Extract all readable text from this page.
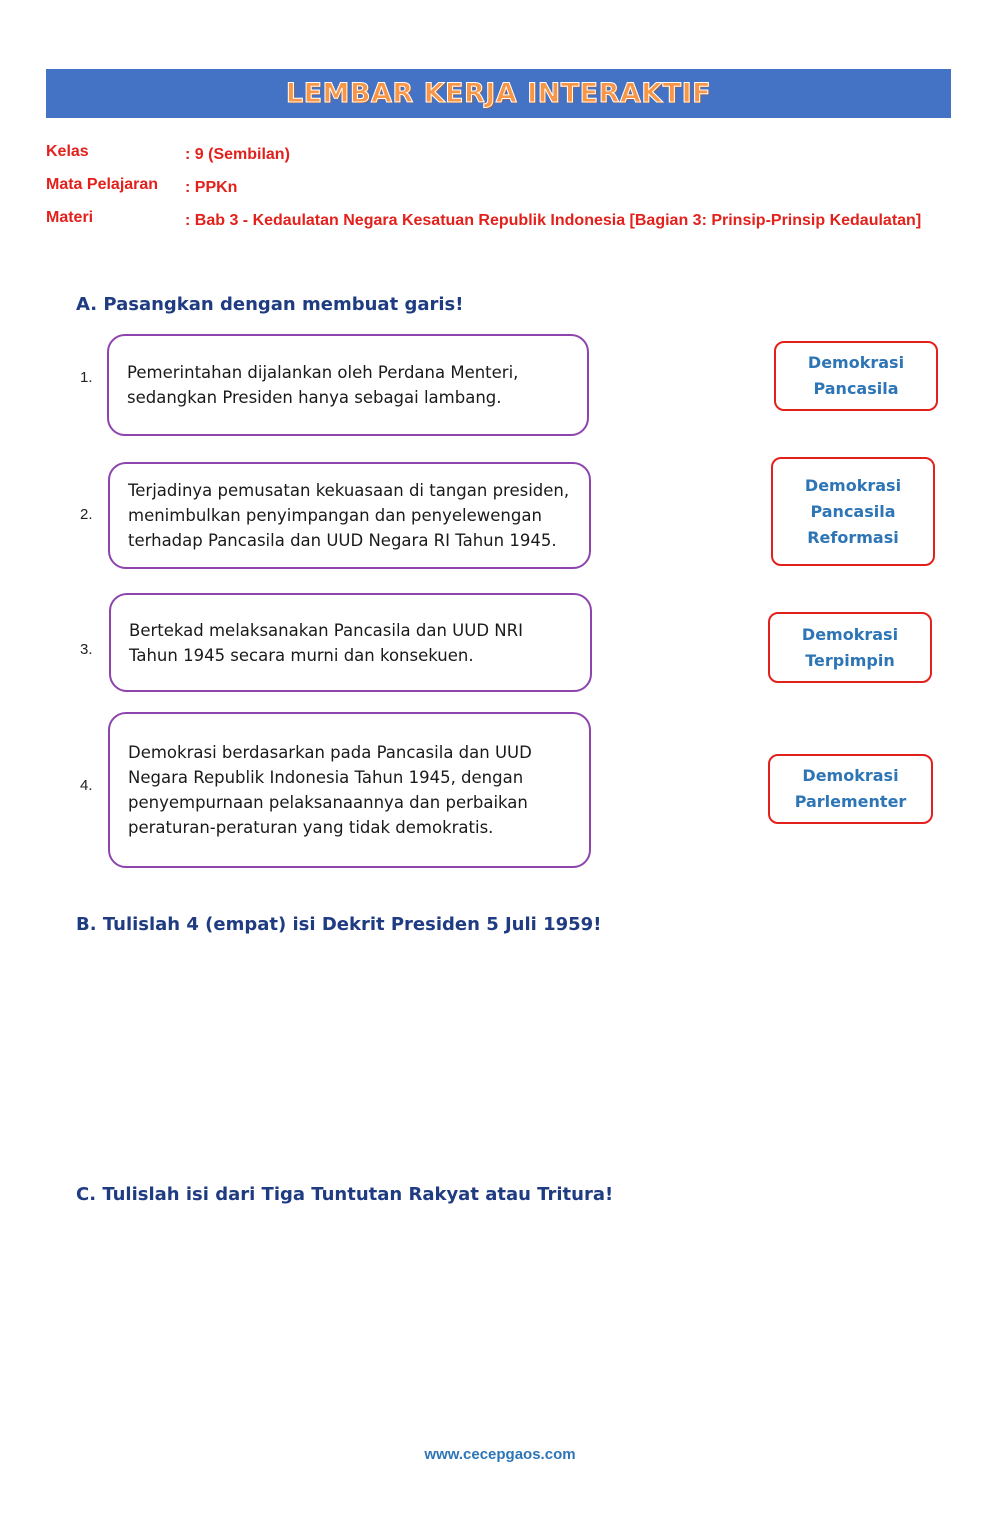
LEMBAR KERJA INTERAKTIF
Kelas	: 9 (Sembilan)
Mata Pelajaran : PPKn
Materi	: Bab 3 - Kedaulatan Negara Kesatuan Republik Indonesia [Bagian 3: Prinsip-Prinsip Kedaulatan]
A. Pasangkan dengan membuat garis!
1. Pemerintahan dijalankan oleh Perdana Menteri, sedangkan Presiden hanya sebagai lambang.
2.
Terjadinya pemusatan kekuasaan di tangan presiden, menimbulkan penyimpangan dan penyelewengan terhadap Pancasila dan UUD Negara RI Tahun 1945.
3.
Bertekad melaksanakan Pancasila dan UUD NRI Tahun 1945 secara murni dan konsekuen.
4.
Demokrasi berdasarkan pada Pancasila dan UUD Negara Republik Indonesia Tahun 1945, dengan penyempurnaan pelaksanaannya dan perbaikan peraturan-peraturan yang tidak demokratis.
Demokrasi
Pancasila
Demokrasi
Pancasila
Reformasi
Demokrasi
Terpimpin
Demokrasi
Parlementer
B. Tulislah 4 (empat) isi Dekrit Presiden 5 Juli 1959!
C. Tulislah isi dari Tiga Tuntutan Rakyat atau Tritura!
www.cecepgaos.com
